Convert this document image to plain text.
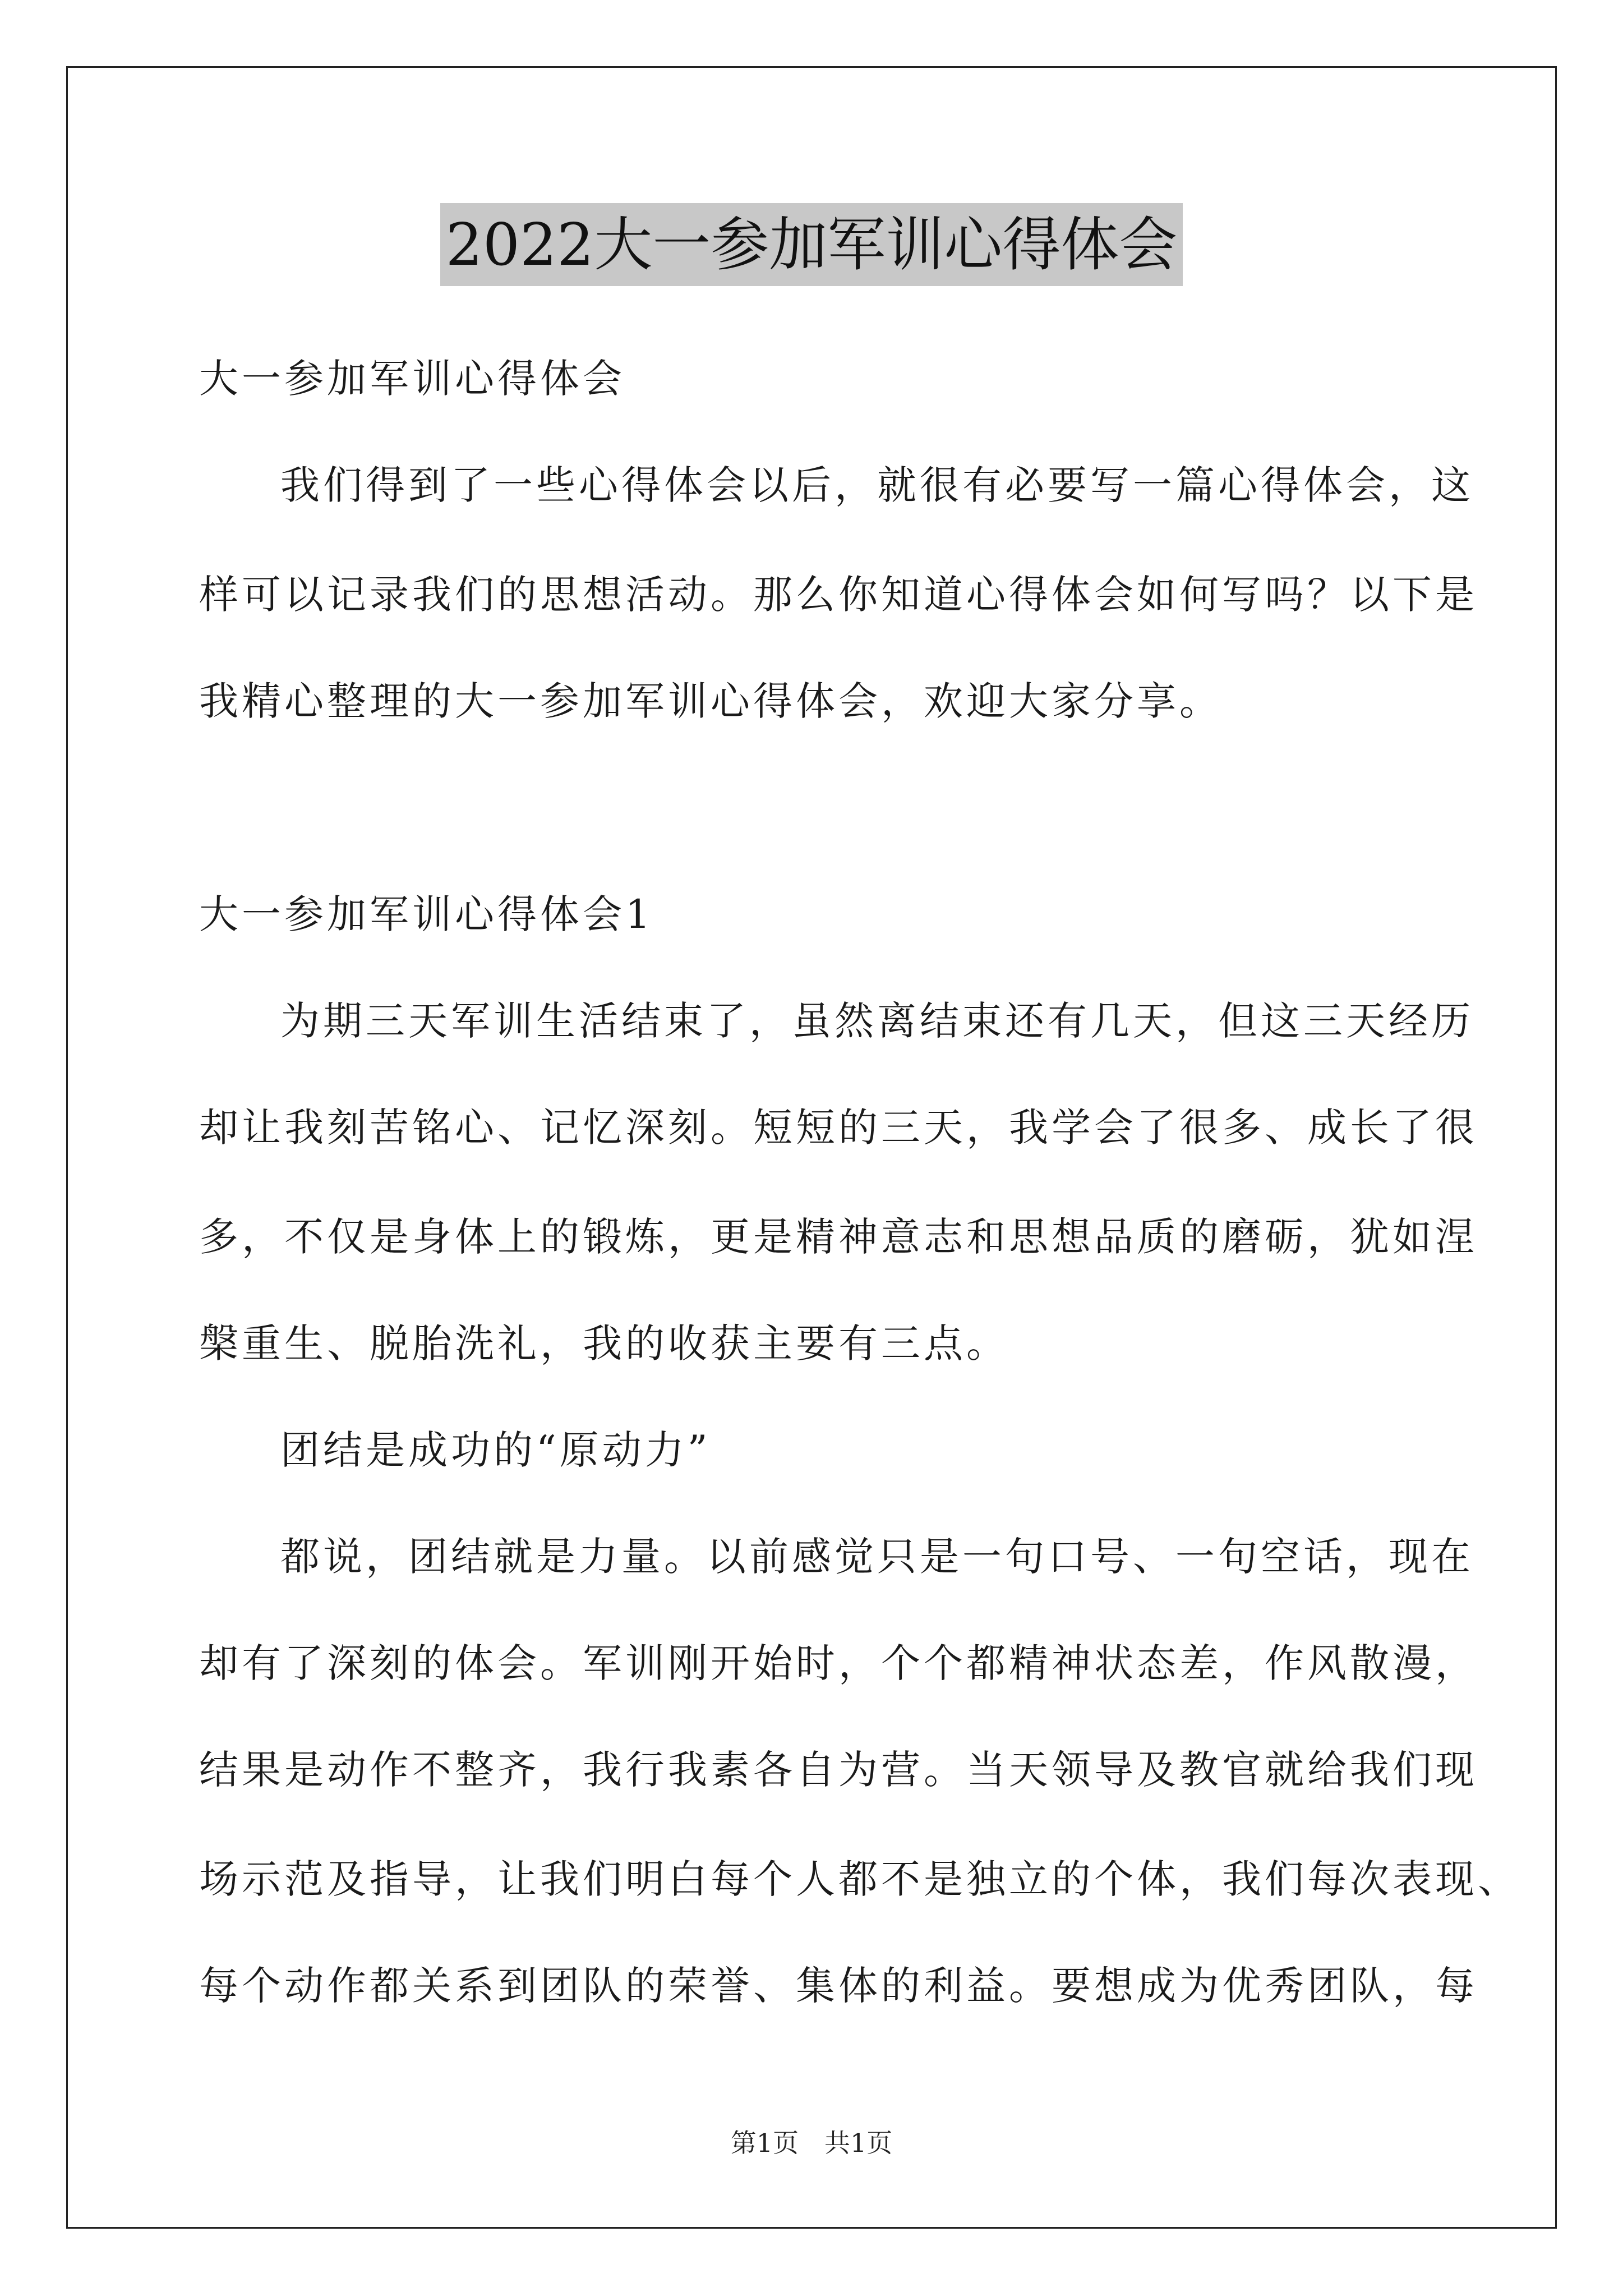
2022大一参加军训心得体会
大一参加军训心得体会
我们得到了一些心得体会以后，就很有必要写一篇心得体会，这
样可以记录我们的思想活动。那么你知道心得体会如何写吗？以下是
我精心整理的大一参加军训心得体会，欢迎大家分享。
大一参加军训心得体会1
为期三天军训生活结束了，虽然离结束还有几天，但这三天经历
却让我刻苦铭心、记忆深刻。短短的三天，我学会了很多、成长了很
多，不仅是身体上的锻炼，更是精神意志和思想品质的磨砺，犹如涅
槃重生、脱胎洗礼，我的收获主要有三点。
团结是成功的“原动力”
都说，团结就是力量。以前感觉只是一句口号、一句空话，现在
却有了深刻的体会。军训刚开始时，个个都精神状态差，作风散漫，
结果是动作不整齐，我行我素各自为营。当天领导及教官就给我们现
场示范及指导，让我们明白每个人都不是独立的个体，我们每次表现、
每个动作都关系到团队的荣誉、集体的利益。要想成为优秀团队，每
第1页　共1页
